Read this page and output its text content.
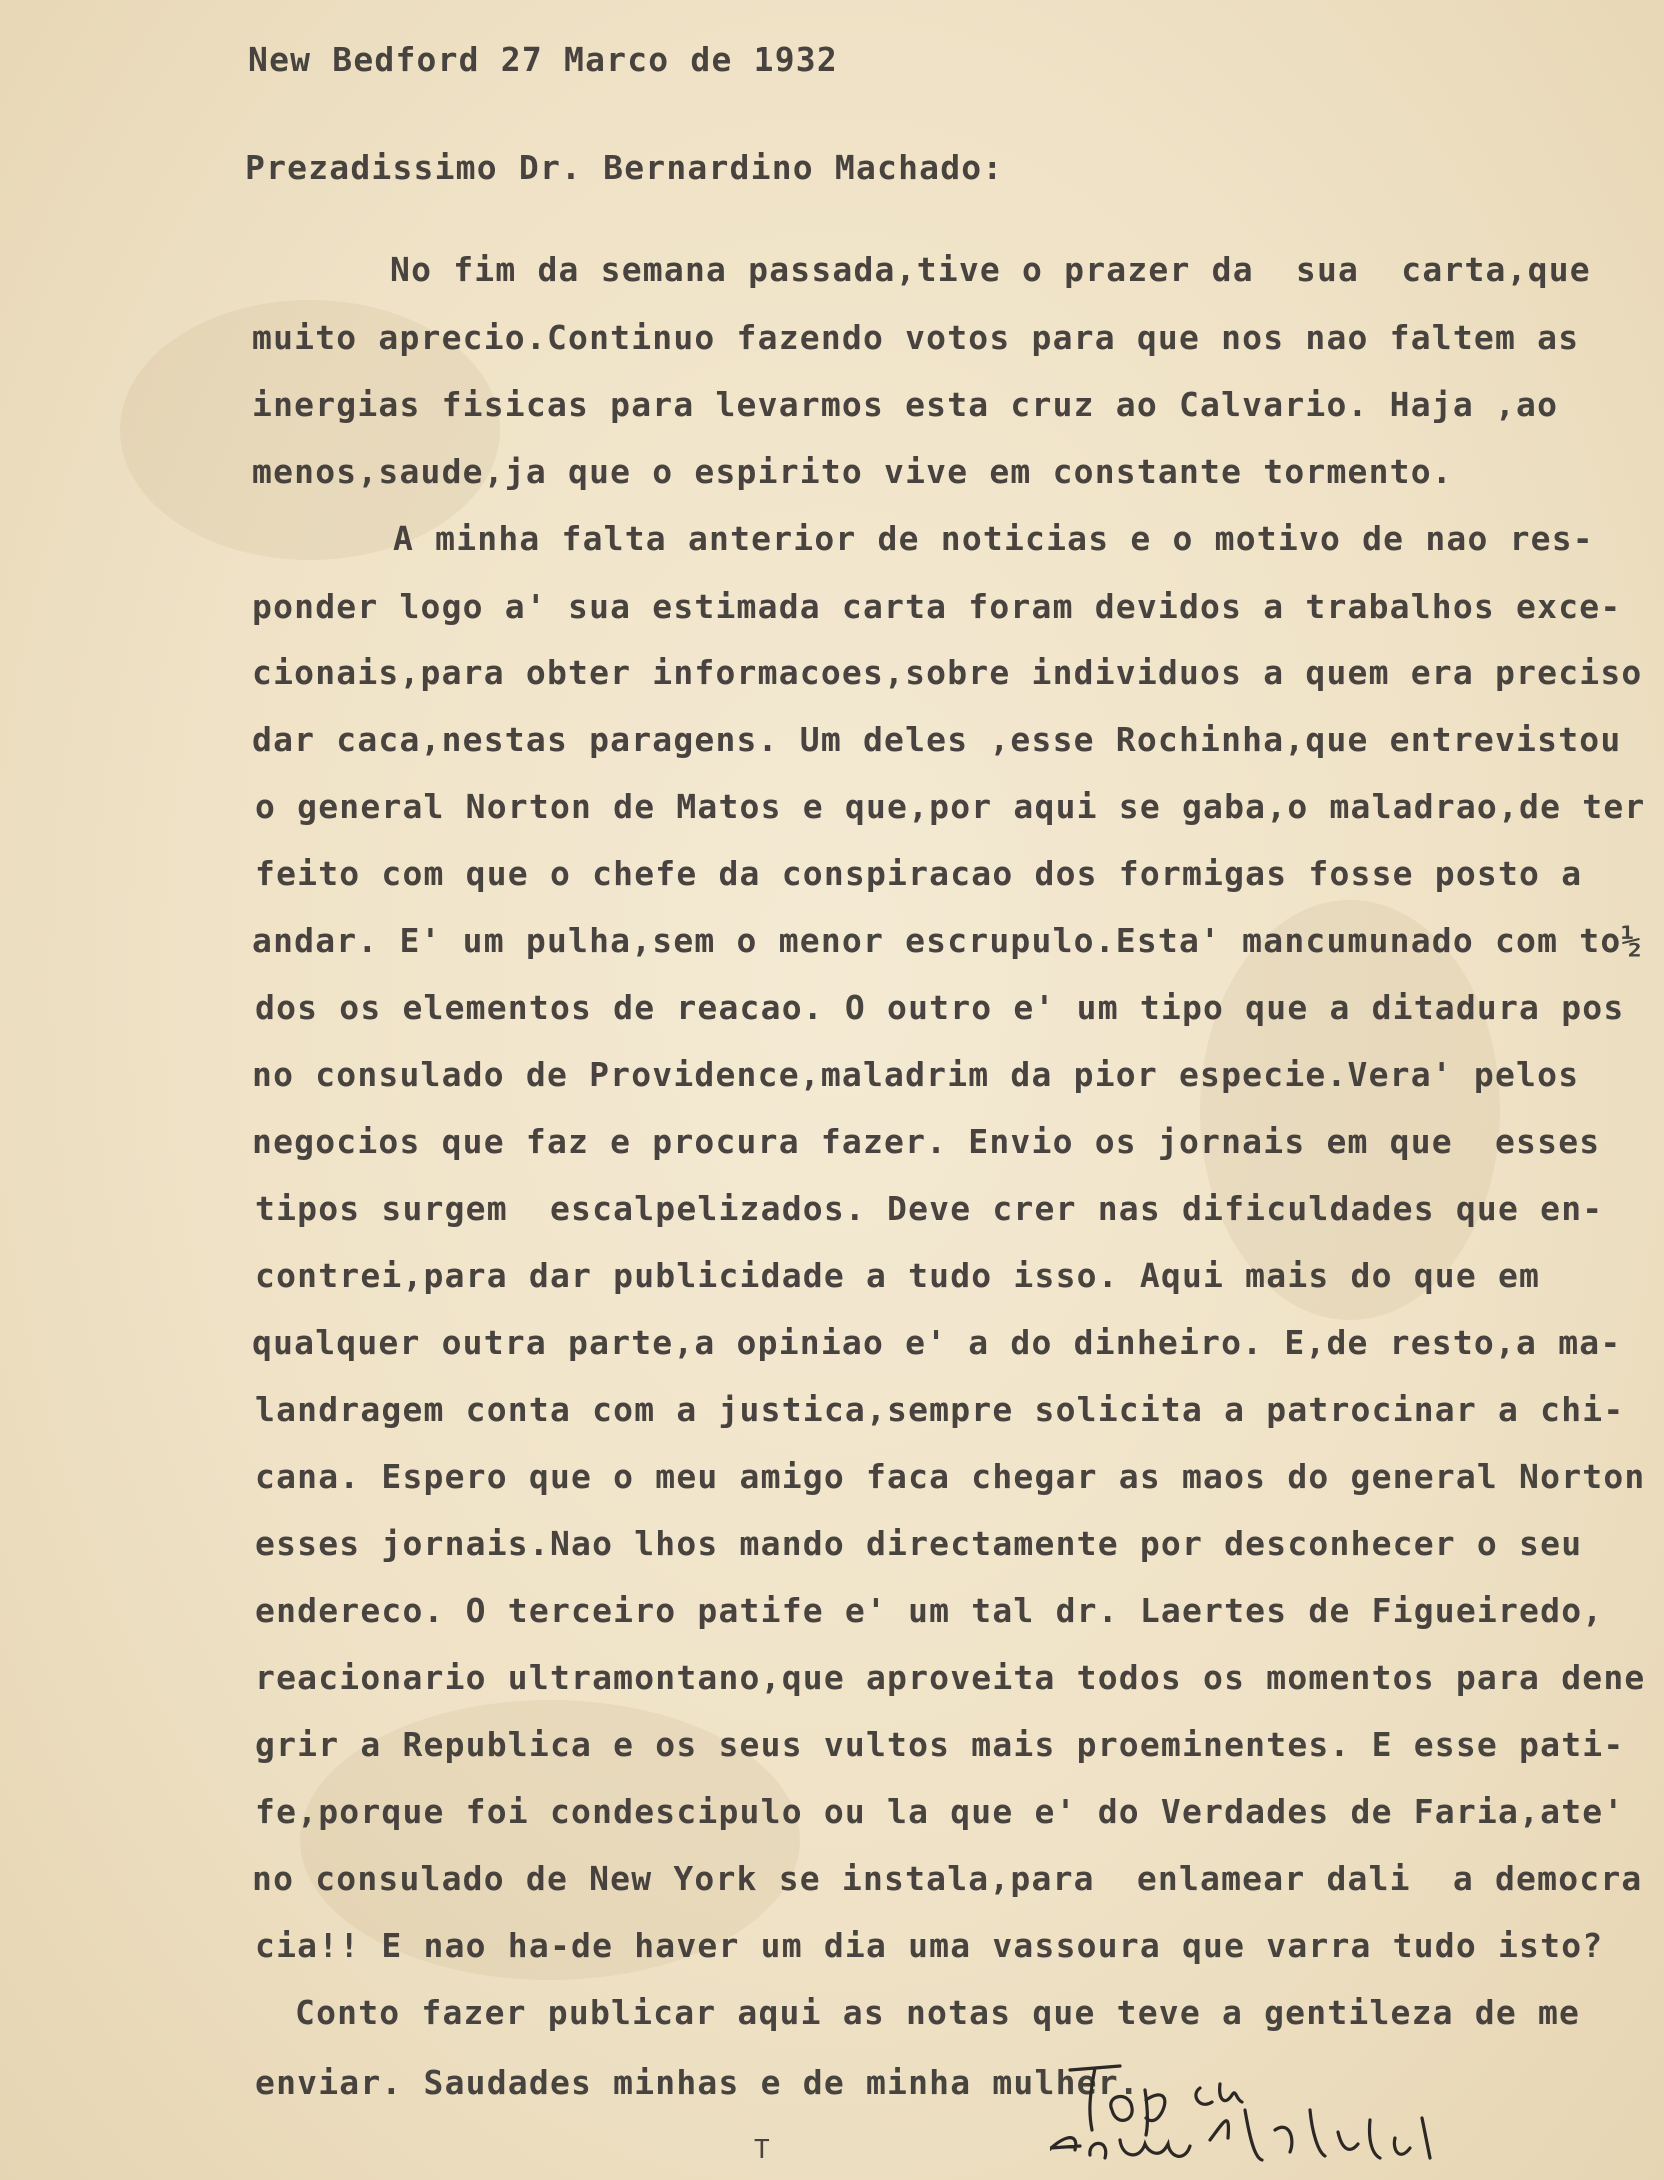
New Bedford 27 Marco de 1932
Prezadissimo Dr. Bernardino Machado:
No fim da semana passada,tive o prazer da  sua  carta,que
muito aprecio.Continuo fazendo votos para que nos nao faltem as
inergias fisicas para levarmos esta cruz ao Calvario. Haja ,ao
menos,saude,ja que o espirito vive em constante tormento.
A minha falta anterior de noticias e o motivo de nao res-
ponder logo a' sua estimada carta foram devidos a trabalhos exce-
cionais,para obter informacoes,sobre individuos a quem era preciso
dar caca,nestas paragens. Um deles ,esse Rochinha,que entrevistou
o general Norton de Matos e que,por aqui se gaba,o maladrao,de ter
feito com que o chefe da conspiracao dos formigas fosse posto a
andar. E' um pulha,sem o menor escrupulo.Esta' mancumunado com to½
dos os elementos de reacao. O outro e' um tipo que a ditadura pos
no consulado de Providence,maladrim da pior especie.Vera' pelos
negocios que faz e procura fazer. Envio os jornais em que  esses
tipos surgem  escalpelizados. Deve crer nas dificuldades que en-
contrei,para dar publicidade a tudo isso. Aqui mais do que em
qualquer outra parte,a opiniao e' a do dinheiro. E,de resto,a ma-
landragem conta com a justica,sempre solicita a patrocinar a chi-
cana. Espero que o meu amigo faca chegar as maos do general Norton
esses jornais.Nao lhos mando directamente por desconhecer o seu
endereco. O terceiro patife e' um tal dr. Laertes de Figueiredo,
reacionario ultramontano,que aproveita todos os momentos para dene
grir a Republica e os seus vultos mais proeminentes. E esse pati-
fe,porque foi condescipulo ou la que e' do Verdades de Faria,ate'
no consulado de New York se instala,para  enlamear dali  a democra
cia!! E nao ha-de haver um dia uma vassoura que varra tudo isto?
Conto fazer publicar aqui as notas que teve a gentileza de me
enviar. Saudades minhas e de minha mulher.
T
